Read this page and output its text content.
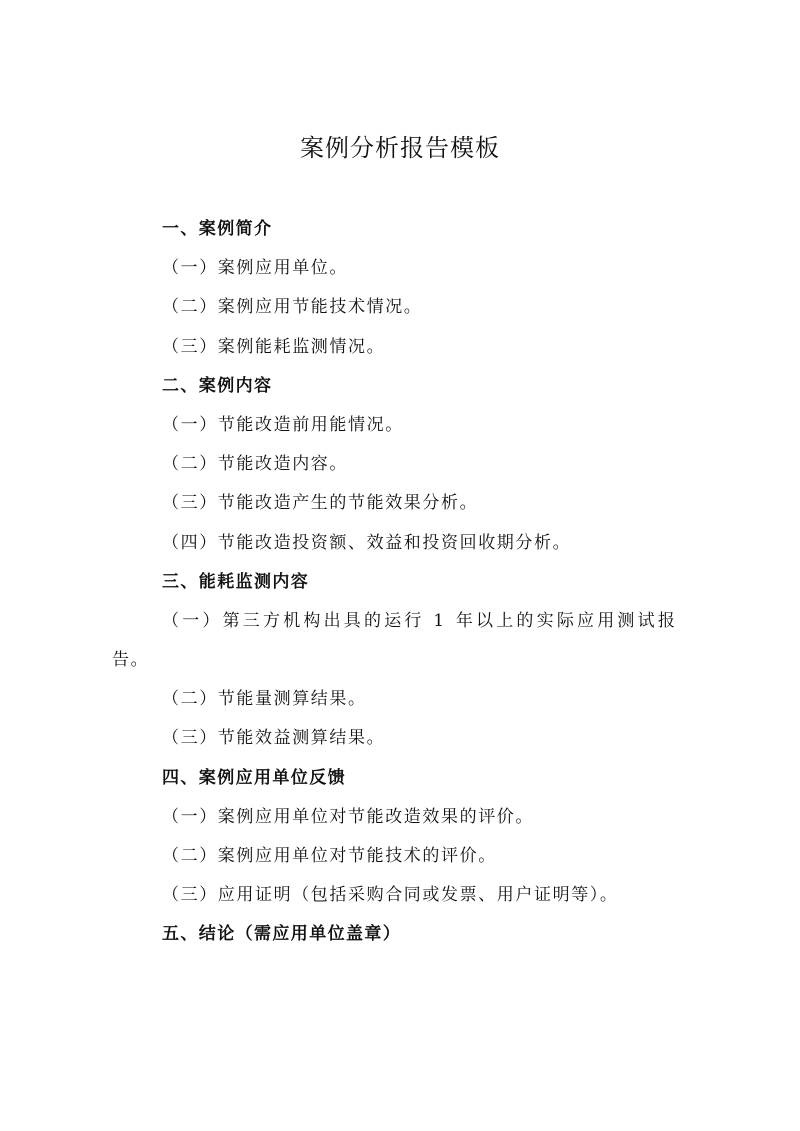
案例分析报告模板
一、案例简介
（一）案例应用单位。
（二）案例应用节能技术情况。
（三）案例能耗监测情况。
二、案例内容
（一）节能改造前用能情况。
（二）节能改造内容。
（三）节能改造产生的节能效果分析。
（四）节能改造投资额、效益和投资回收期分析。
三、能耗监测内容
（一）第三方机构出具的运行 1 年以上的实际应用测试报
告。
（二）节能量测算结果。
（三）节能效益测算结果。
四、案例应用单位反馈
（一）案例应用单位对节能改造效果的评价。
（二）案例应用单位对节能技术的评价。
（三）应用证明（包括采购合同或发票、用户证明等）。
五、结论（需应用单位盖章）
